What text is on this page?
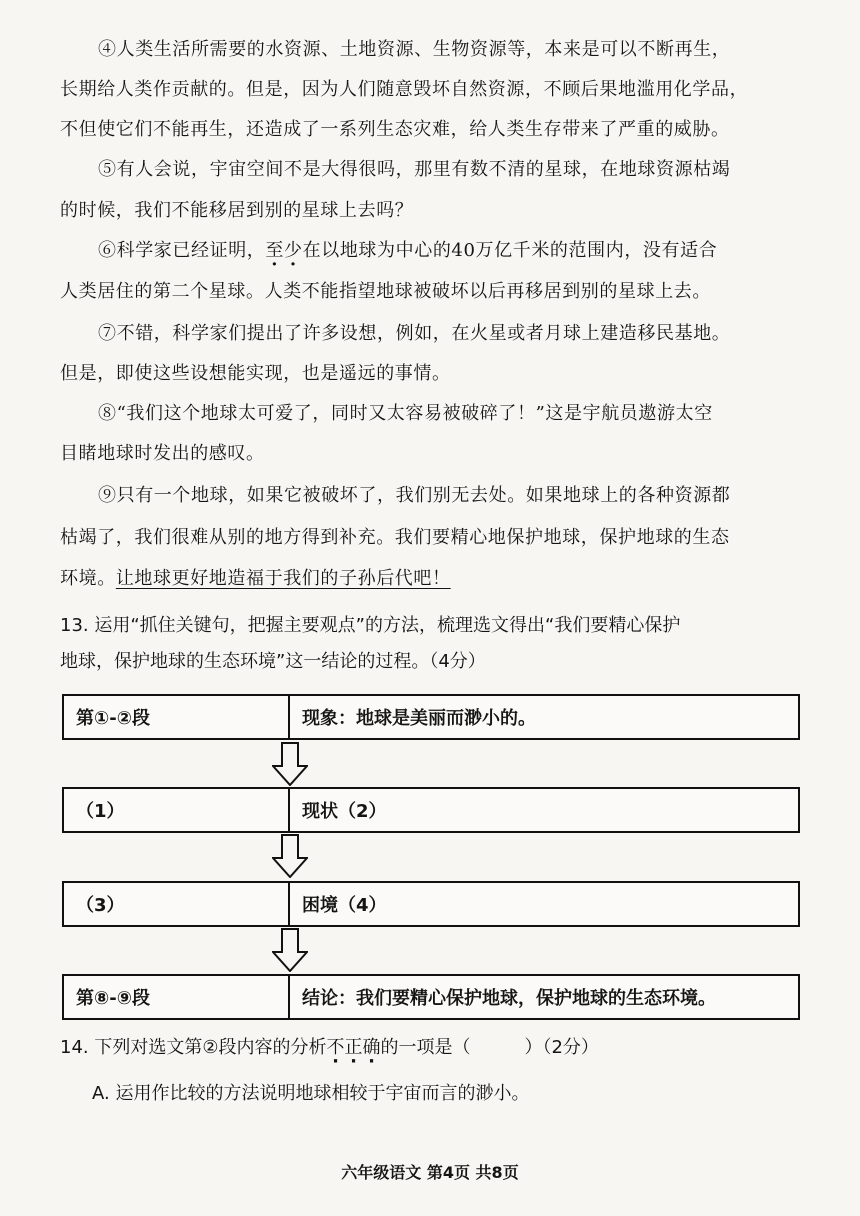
④人类生活所需要的水资源、土地资源、生物资源等，本来是可以不断再生，

长期给人类作贡献的。但是，因为人们随意毁坏自然资源，不顾后果地滥用化学品，

不但使它们不能再生，还造成了一系列生态灾难，给人类生存带来了严重的威胁。

⑤有人会说，宇宙空间不是大得很吗，那里有数不清的星球，在地球资源枯竭

的时候，我们不能移居到别的星球上去吗？

⑥科学家已经证明，至少在以地球为中心的40万亿千米的范围内，没有适合

人类居住的第二个星球。人类不能指望地球被破坏以后再移居到别的星球上去。

⑦不错，科学家们提出了许多设想，例如，在火星或者月球上建造移民基地。

但是，即使这些设想能实现，也是遥远的事情。

⑧“我们这个地球太可爱了，同时又太容易被破碎了！”这是宇航员遨游太空

目睹地球时发出的感叹。

⑨只有一个地球，如果它被破坏了，我们别无去处。如果地球上的各种资源都

枯竭了，我们很难从别的地方得到补充。我们要精心地保护地球，保护地球的生态

环境。让地球更好地造福于我们的子孙后代吧！

13. 运用“抓住关键句，把握主要观点”的方法，梳理选文得出“我们要精心保护
地球，保护地球的生态环境”这一结论的过程。（4分）
第①-②段	现象：地球是美丽而渺小的。
（1）	现状（2）
（3）	困境（4）
第⑧-⑨段	结论：我们要精心保护地球，保护地球的生态环境。
14. 下列对选文第②段内容的分析不正确的一项是（　　　）（2分）
A. 运用作比较的方法说明地球相较于宇宙而言的渺小。
六年级语文 第4页 共8页
